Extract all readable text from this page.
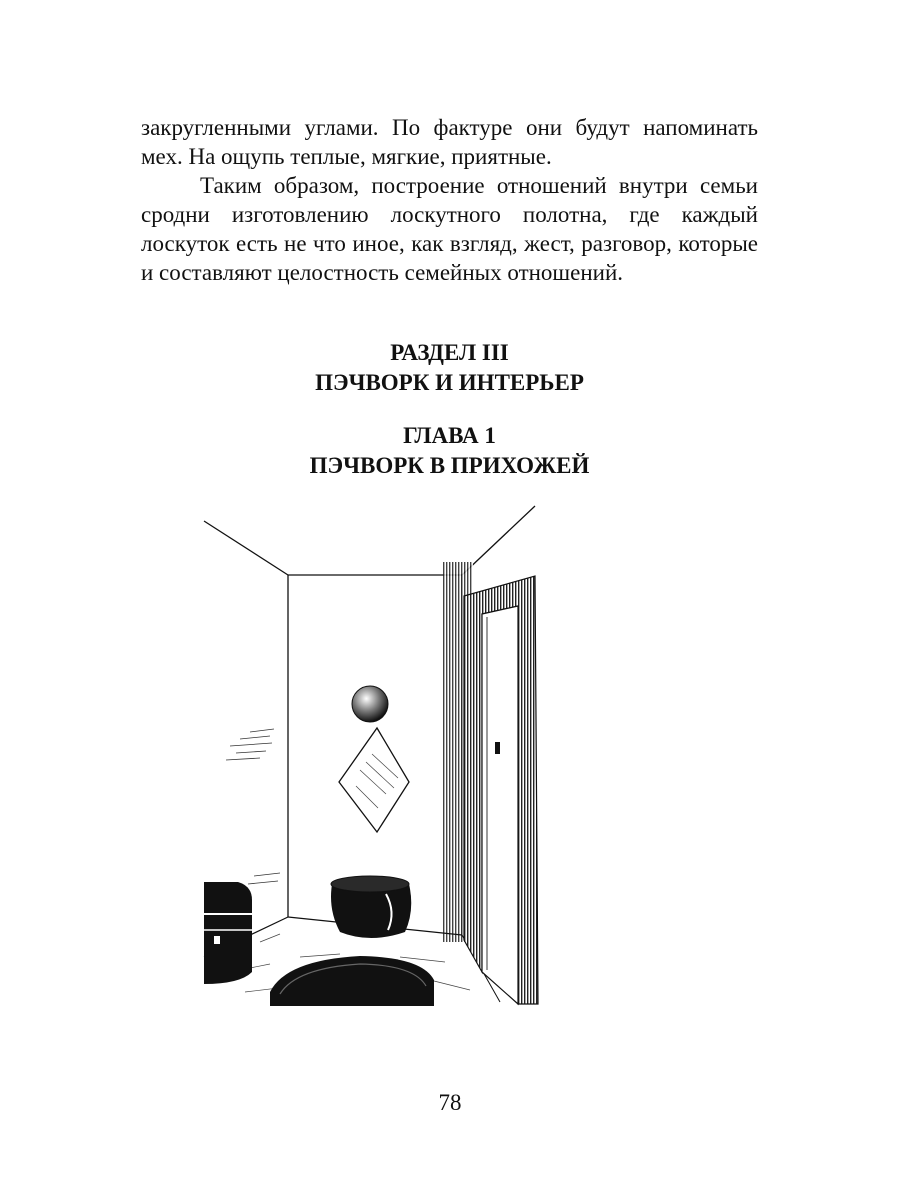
закругленными углами. По фактуре они будут напоминать мех. На ощупь теплые, мягкие, приятные.

Таким образом, построение отношений внутри семьи сродни изготовлению лоскутного полотна, где каждый лоскуток есть не что иное, как взгляд, жест, разговор, которые и составляют целостность семейных отношений.

РАЗДЕЛ III
ПЭЧВОРК И ИНТЕРЬЕР
ГЛАВА 1
ПЭЧВОРК В ПРИХОЖЕЙ
78
